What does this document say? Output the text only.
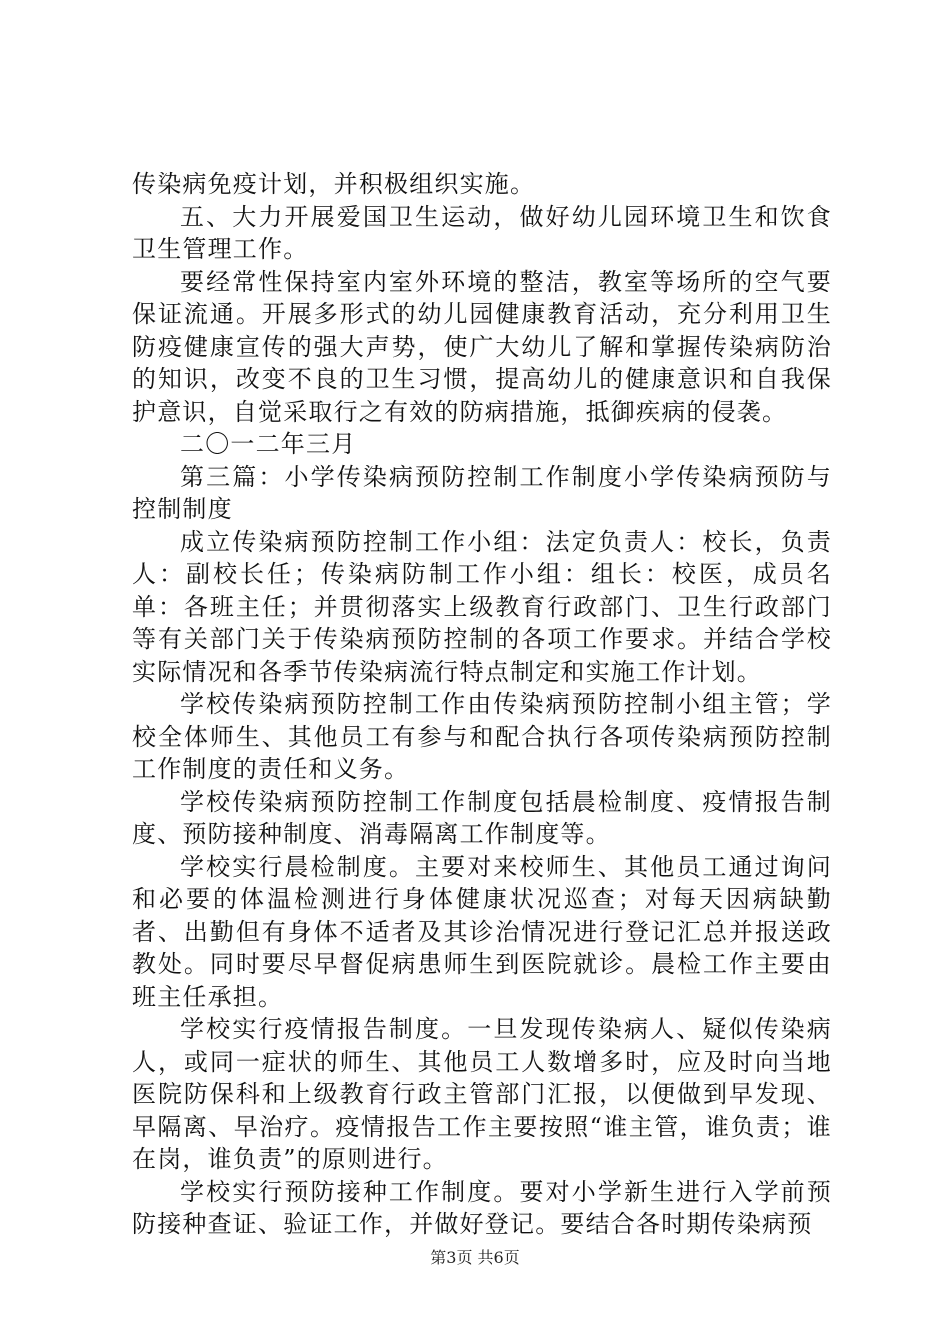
传染病免疫计划，并积极组织实施。

五、大力开展爱国卫生运动，做好幼儿园环境卫生和饮食卫生管理工作。

要经常性保持室内室外环境的整洁，教室等场所的空气要保证流通。开展多形式的幼儿园健康教育活动，充分利用卫生防疫健康宣传的强大声势，使广大幼儿了解和掌握传染病防治的知识，改变不良的卫生习惯，提高幼儿的健康意识和自我保护意识，自觉采取行之有效的防病措施，抵御疾病的侵袭。

二〇一二年三月

第三篇：小学传染病预防控制工作制度小学传染病预防与控制制度

成立传染病预防控制工作小组：法定负责人：校长，负责人：副校长任；传染病防制工作小组：组长：校医，成员名单：各班主任；并贯彻落实上级教育行政部门、卫生行政部门等有关部门关于传染病预防控制的各项工作要求。并结合学校实际情况和各季节传染病流行特点制定和实施工作计划。

学校传染病预防控制工作由传染病预防控制小组主管；学校全体师生、其他员工有参与和配合执行各项传染病预防控制工作制度的责任和义务。

学校传染病预防控制工作制度包括晨检制度、疫情报告制度、预防接种制度、消毒隔离工作制度等。

学校实行晨检制度。主要对来校师生、其他员工通过询问和必要的体温检测进行身体健康状况巡查；对每天因病缺勤者、出勤但有身体不适者及其诊治情况进行登记汇总并报送政教处。同时要尽早督促病患师生到医院就诊。晨检工作主要由班主任承担。

学校实行疫情报告制度。一旦发现传染病人、疑似传染病人，或同一症状的师生、其他员工人数增多时，应及时向当地医院防保科和上级教育行政主管部门汇报，以便做到早发现、早隔离、早治疗。疫情报告工作主要按照“谁主管，谁负责；谁在岗，谁负责”的原则进行。

学校实行预防接种工作制度。要对小学新生进行入学前预防接种查证、验证工作，并做好登记。要结合各时期传染病预

第3页 共6页
